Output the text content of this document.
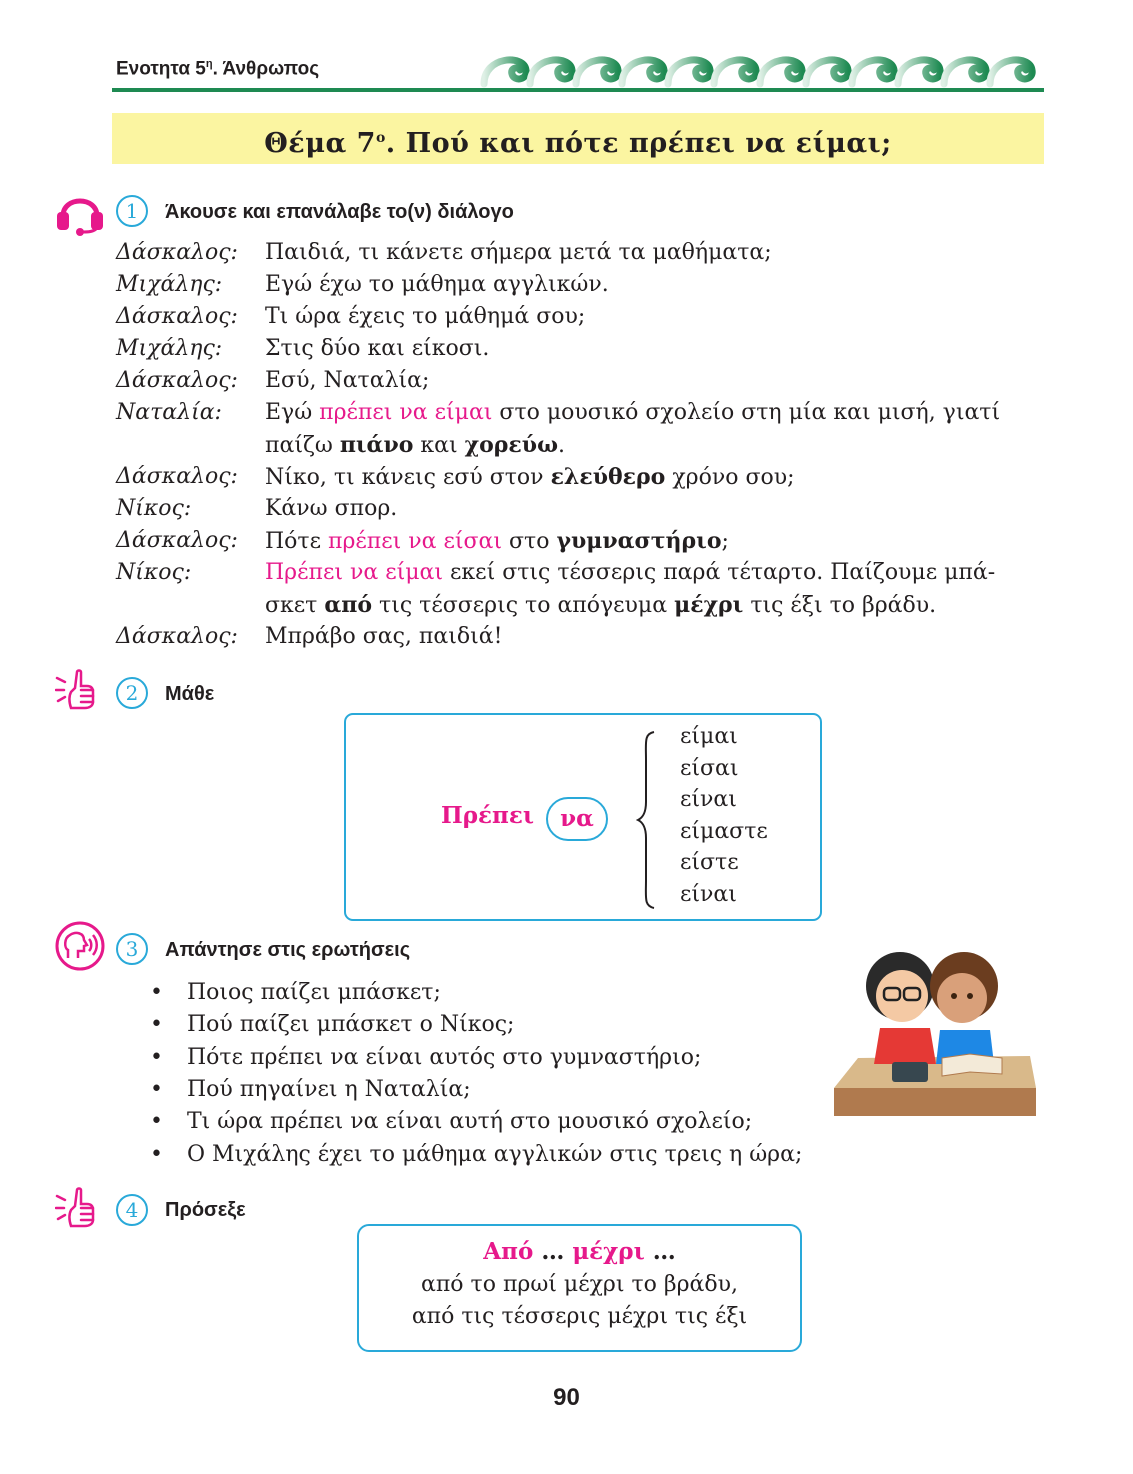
Ενοτητα $5^\eta$. Άνθρωπος
Θέμα $7^o$. Πού και πότε πρέπει να είμαι;
1	Άκουσε και επανάλαβε το(ν) διάλογο
Δάσκαλος:	Παιδιά, τι κάνετε σήμερα μετά τα μαθήματα;
Μιχάλης:	Εγώ έχω το μάθημα αγγλικών.
Δάσκαλος:	Τι ώρα έχεις το μάθημά σου;
Μιχάλης:	Στις δύο και είκοσι.
Δάσκαλος:	Εσύ, Ναταλία;
Ναταλία:	Εγώ πρέπει να είμαι στο μουσικό σχολείο στη μία και μισή, γιατί
παίζω πιάνο και χορεύω.
Δάσκαλος:	Νίκο, τι κάνεις εσύ στον ελεύθερο χρόνο σου;
Νίκος:	Κάνω σπορ.
Δάσκαλος:	Πότε πρέπει να είσαι στο γυμναστήριο;
Νίκος:	Πρέπει να είμαι εκεί στις τέσσερις παρά τέταρτο. Παίζουμε μπά-
σκετ από τις τέσσερις το απόγευμα μέχρι τις έξι το βράδυ.
Δάσκαλος:	Μπράβο σας, παιδιά!
2	Μάθε
Πρέπει	να
είμαι
είσαι
είναι
είμαστε
είστε
είναι
3	Απάντησε στις ερωτήσεις
• Ποιος παίζει μπάσκετ;
• Πού παίζει μπάσκετ ο Νίκος;
• Πότε πρέπει να είναι αυτός στο γυμναστήριο;
• Πού πηγαίνει η Ναταλία;
• Τι ώρα πρέπει να είναι αυτή στο μουσικό σχολείο;
• Ο Μιχάλης έχει το μάθημα αγγλικών στις τρεις η ώρα;
4	Πρόσεξε
Από … μέχρι …
από το πρωί μέχρι το βράδυ,
από τις τέσσερις μέχρι τις έξι
90
